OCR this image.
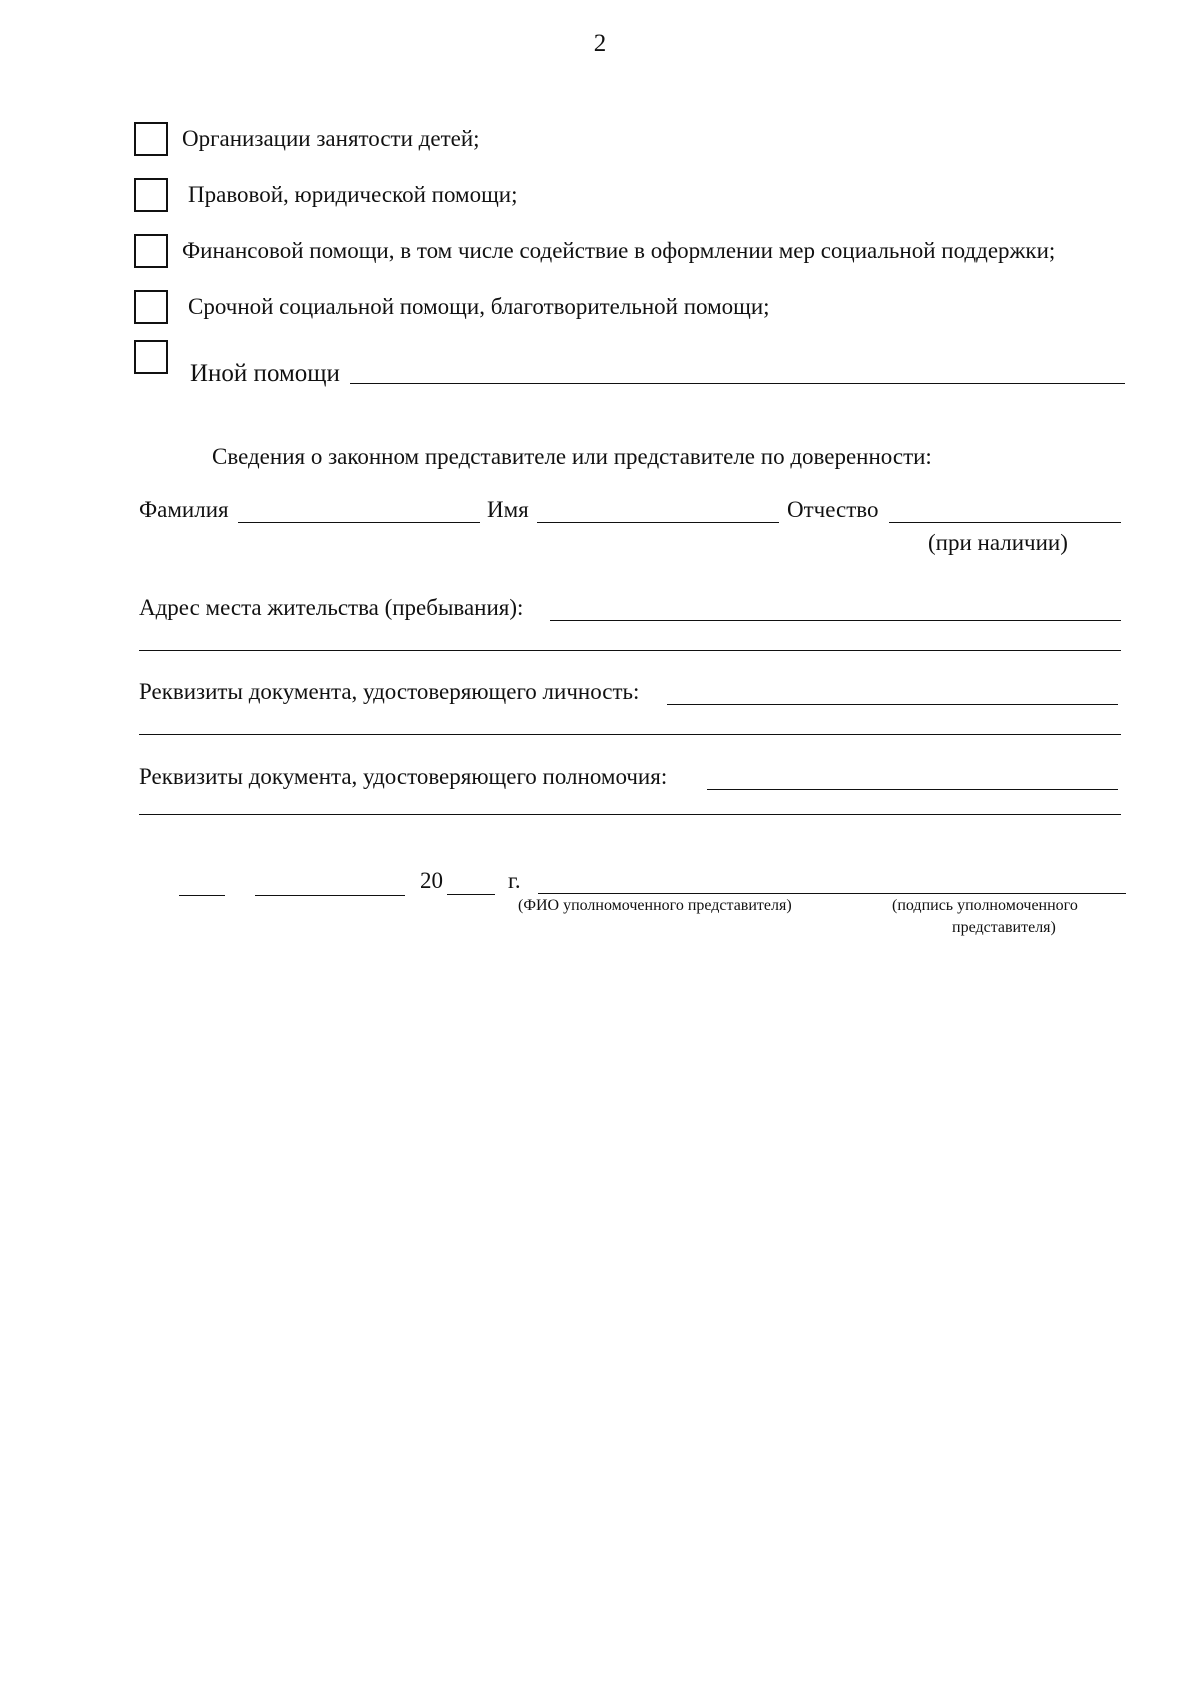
2
Организации занятости детей;
Правовой, юридической помощи;
Финансовой помощи, в том числе содействие в оформлении мер социальной поддержки;
Срочной социальной помощи, благотворительной помощи;
Иной помощи
Сведения о законном представителе или представителе по доверенности:
Фамилия	Имя	Отчество
(при наличии)
Адрес места жительства (пребывания):
Реквизиты документа, удостоверяющего личность:
Реквизиты документа, удостоверяющего полномочия:
20	г.
(ФИО уполномоченного представителя)	(подпись уполномоченного
представителя)
